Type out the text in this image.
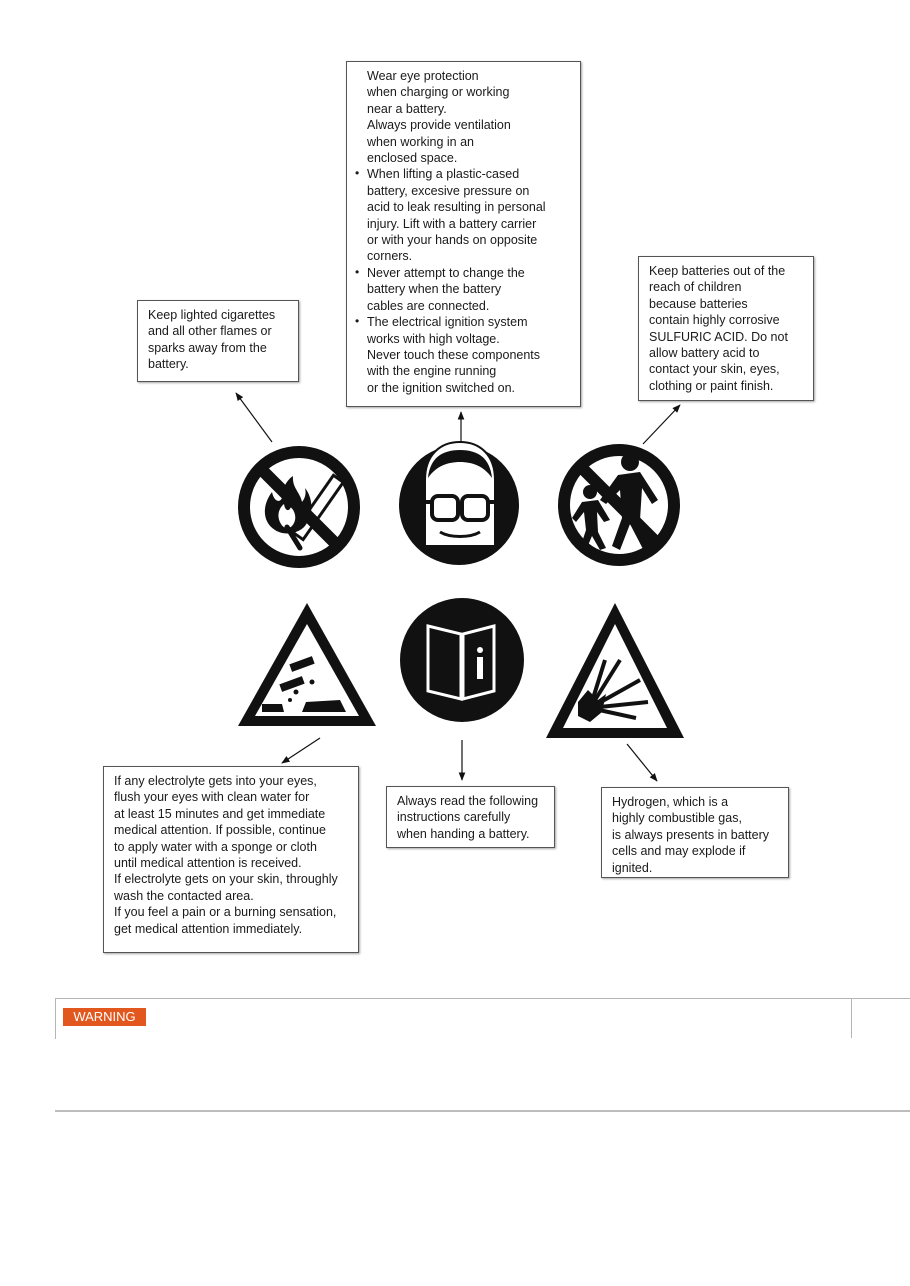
Wear eye protection
when charging or working
near a battery.
Always provide ventilation
when working in an
enclosed space.
• When lifting a plastic-cased
battery, excesive pressure on
acid to leak resulting in personal
injury. Lift with a battery carrier
or with your hands on opposite
corners.
• Never attempt to change the
battery when the battery
cables are connected.
• The electrical ignition system
works with high voltage.
Never touch these components
with the engine running
or the ignition switched on.
Keep lighted cigarettes
and all other flames or
sparks away from the
battery.
Keep batteries out of the
reach of children
because batteries
contain highly corrosive
SULFURIC ACID. Do not
allow battery acid to
contact your skin, eyes,
clothing or paint finish.
If any electrolyte gets into your eyes,
flush your eyes with clean water for
at least 15 minutes and get immediate
medical attention. If possible, continue
to apply water with a sponge or cloth
until medical attention is received.
If electrolyte gets on your skin, throughly
wash the contacted area.
If you feel a pain or a burning sensation,
get medical attention immediately.
Always read the following
instructions carefully
when handing a battery.
Hydrogen, which is a
highly combustible gas,
is always presents in battery
cells and may explode if
ignited.
WARNING
